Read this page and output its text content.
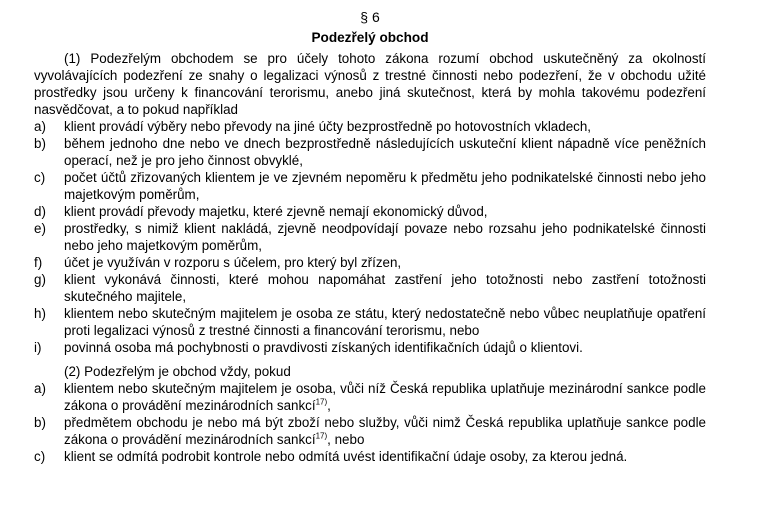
§ 6
Podezřelý obchod

(1) Podezřelým obchodem se pro účely tohoto zákona rozumí obchod uskutečněný za okolností vyvolávajících podezření ze snahy o legalizaci výnosů z trestné činnosti nebo podezření, že v obchodu užité prostředky jsou určeny k financování terorismu, anebo jiná skutečnost, která by mohla takovému podezření nasvědčovat, a to pokud například

a)	klient provádí výběry nebo převody na jiné účty bezprostředně po hotovostních vkladech,
b)	během jednoho dne nebo ve dnech bezprostředně následujících uskuteční klient nápadně více peněžních operací, než je pro jeho činnost obvyklé,
c)	počet účtů zřizovaných klientem je ve zjevném nepoměru k předmětu jeho podnikatelské činnosti nebo jeho majetkovým poměrům,
d)	klient provádí převody majetku, které zjevně nemají ekonomický důvod,
e)	prostředky, s nimiž klient nakládá, zjevně neodpovídají povaze nebo rozsahu jeho podnikatelské činnosti nebo jeho majetkovým poměrům,
f)	účet je využíván v rozporu s účelem, pro který byl zřízen,
g)	klient vykonává činnosti, které mohou napomáhat zastření jeho totožnosti nebo zastření totožnosti skutečného majitele,
h)	klientem nebo skutečným majitelem je osoba ze státu, který nedostatečně nebo vůbec neuplatňuje opatření proti legalizaci výnosů z trestné činnosti a financování terorismu, nebo
i)	povinná osoba má pochybnosti o pravdivosti získaných identifikačních údajů o klientovi.

(2) Podezřelým je obchod vždy, pokud

a)	klientem nebo skutečným majitelem je osoba, vůči níž Česká republika uplatňuje mezinárodní sankce podle zákona o provádění mezinárodních sankcí$^{17)}$,
b)	předmětem obchodu je nebo má být zboží nebo služby, vůči nimž Česká republika uplatňuje sankce podle zákona o provádění mezinárodních sankcí$^{17)}$, nebo
c)	klient se odmítá podrobit kontrole nebo odmítá uvést identifikační údaje osoby, za kterou jedná.
